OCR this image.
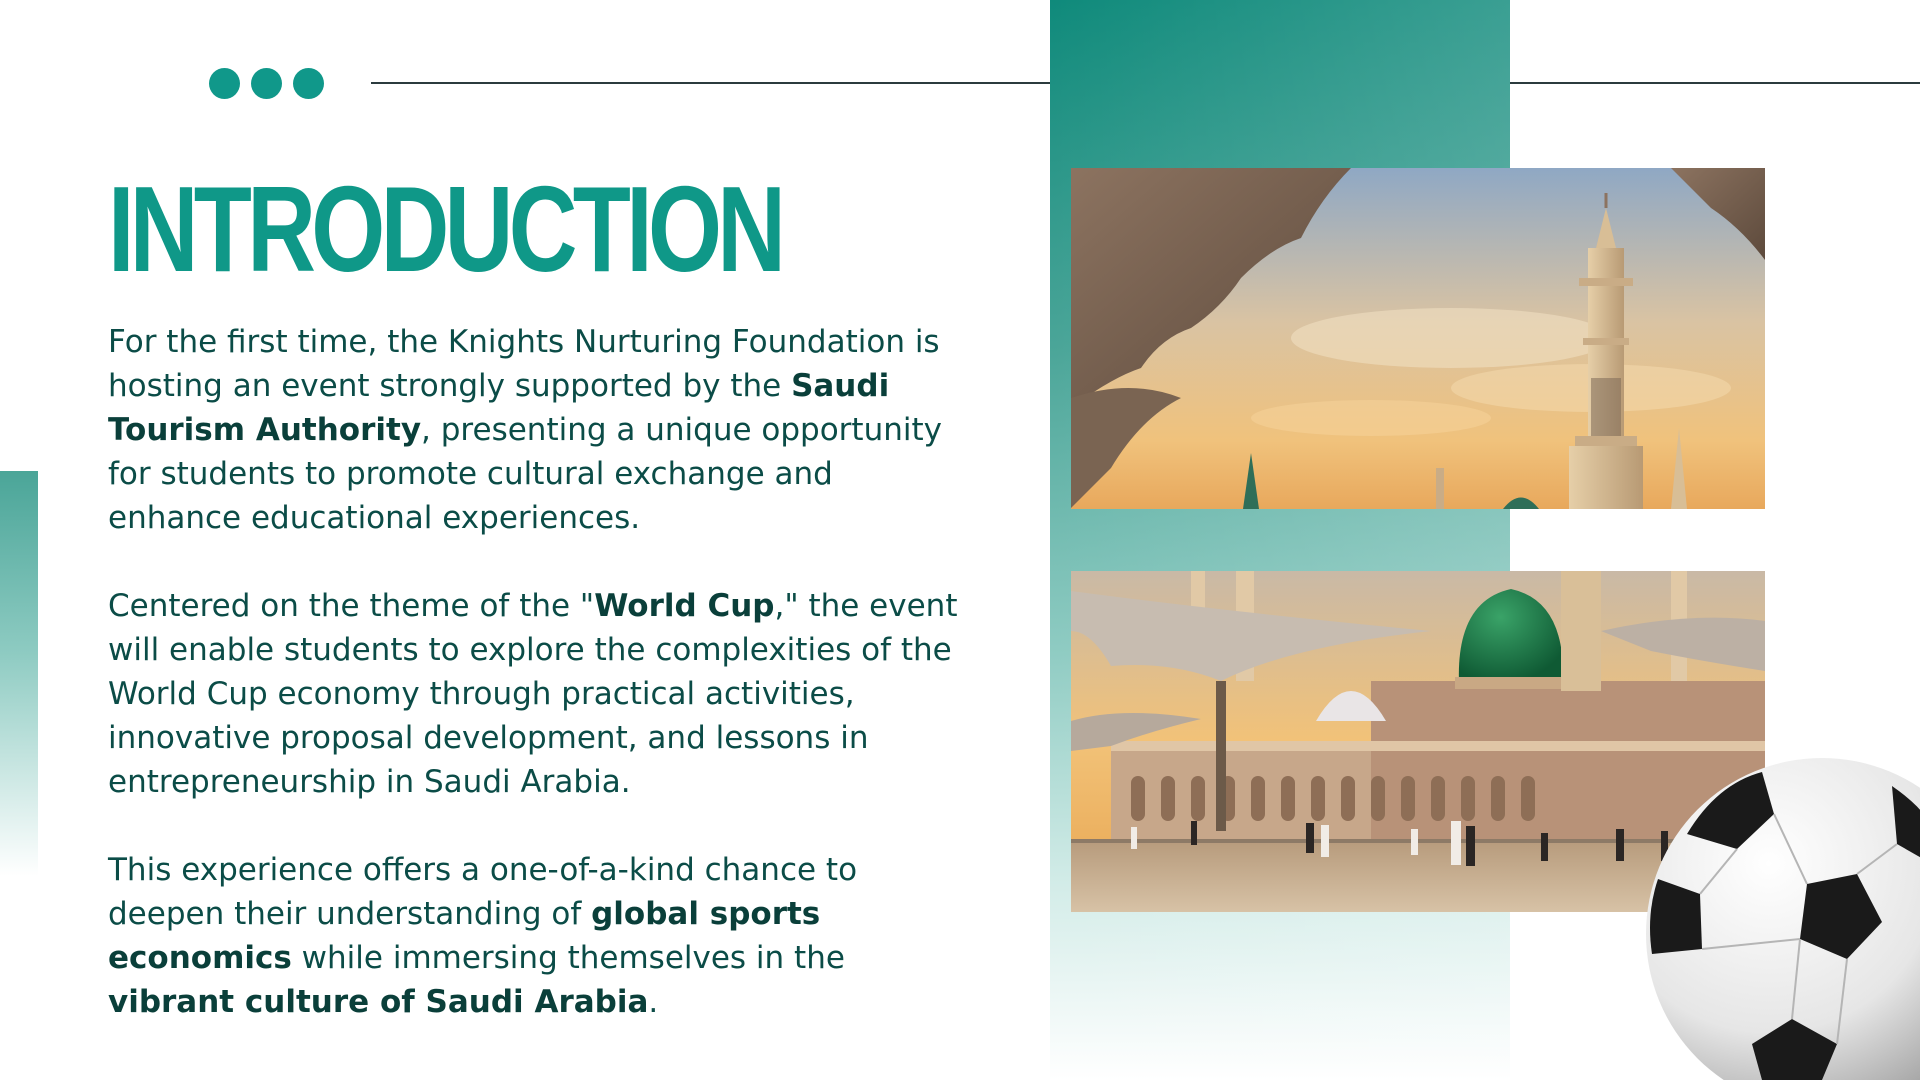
INTRODUCTION

For the first time, the Knights Nurturing Foundation is hosting an event strongly supported by the Saudi Tourism Authority, presenting a unique opportunity for students to promote cultural exchange and enhance educational experiences.

Centered on the theme of the "World Cup," the event will enable students to explore the complexities of the World Cup economy through practical activities, innovative proposal development, and lessons in entrepreneurship in Saudi Arabia.

This experience offers a one-of-a-kind chance to deepen their understanding of global sports economics while immersing themselves in the vibrant culture of Saudi Arabia.
